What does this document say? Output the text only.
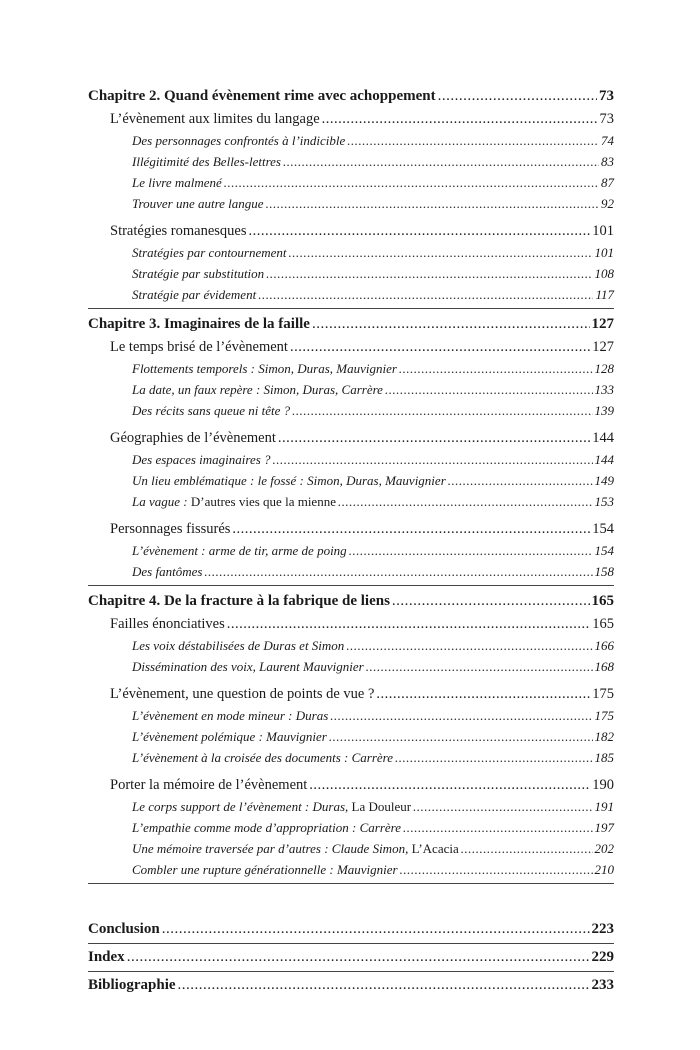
Chapitre 2. Quand évènement rime avec achoppement .....	73
L’évènement aux limites du langage .....	73
Des personnages confrontés à l’indicible .....	74
Illégitimité des Belles-lettres .....	83
Le livre malmené .....	87
Trouver une autre langue .....	92
Stratégies romanesques .....	101
Stratégies par contournement .....	101
Stratégie par substitution .....	108
Stratégie par évidement .....	117
Chapitre 3. Imaginaires de la faille .....	127
Le temps brisé de l’évènement .....	127
Flottements temporels : Simon, Duras, Mauvignier .....	128
La date, un faux repère : Simon, Duras, Carrère .....	133
Des récits sans queue ni tête ? .....	139
Géographies de l’évènement .....	144
Des espaces imaginaires ? .....	144
Un lieu emblématique : le fossé : Simon, Duras, Mauvignier .....	149
La vague : D’autres vies que la mienne .....	153
Personnages fissurés .....	154
L’évènement : arme de tir, arme de poing .....	154
Des fantômes .....	158
Chapitre 4. De la fracture à la fabrique de liens .....	165
Failles énonciatives .....	165
Les voix déstabilisées de Duras et Simon .....	166
Dissémination des voix, Laurent Mauvignier .....	168
L’évènement, une question de points de vue ? .....	175
L’évènement en mode mineur : Duras .....	175
L’évènement polémique : Mauvignier .....	182
L’évènement à la croisée des documents : Carrère .....	185
Porter la mémoire de l’évènement .....	190
Le corps support de l’évènement : Duras, La Douleur .....	191
L’empathie comme mode d’appropriation : Carrère .....	197
Une mémoire traversée par d’autres : Claude Simon, L’Acacia .....	202
Combler une rupture générationnelle : Mauvignier .....	210
Conclusion .....	223
Index .....	229
Bibliographie .....	233
